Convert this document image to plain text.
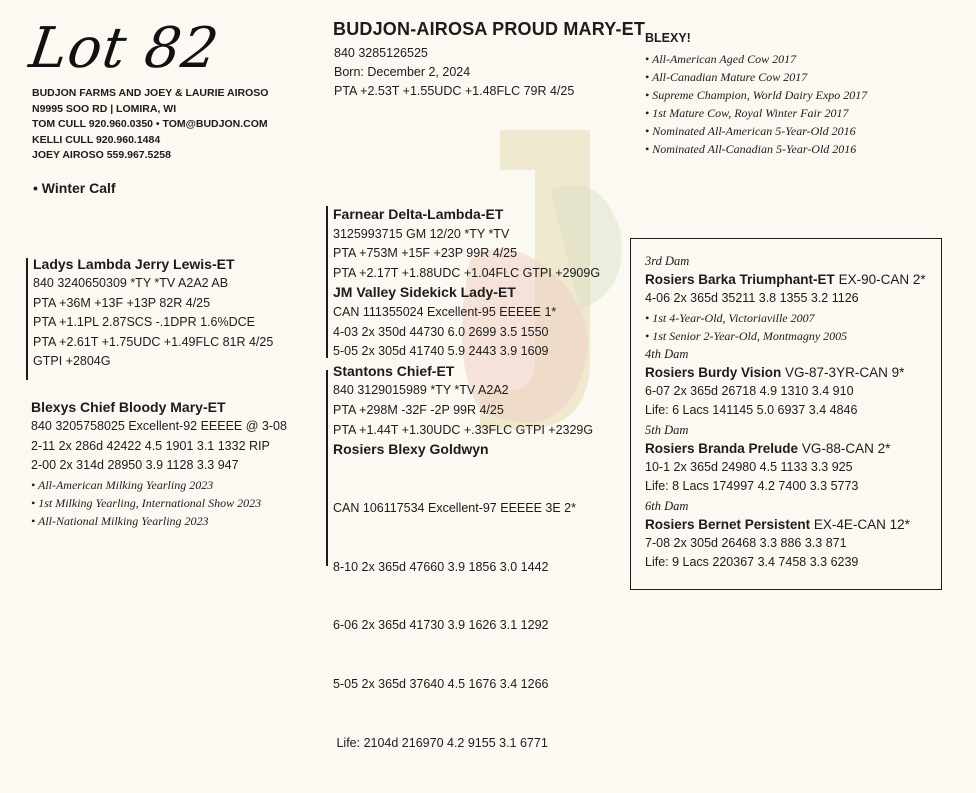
Lot 82
BUDJON FARMS AND JOEY & LAURIE AIROSO
N9995 SOO RD | LOMIRA, WI
TOM CULL 920.960.0350 • TOM@BUDJON.COM
KELLI CULL 920.960.1484
JOEY AIROSO 559.967.5258
• Winter Calf
BUDJON-AIROSA PROUD MARY-ET
840 3285126525
Born: December 2, 2024
PTA +2.53T +1.55UDC +1.48FLC 79R 4/25
BLEXY!
• All-American Aged Cow 2017
• All-Canadian Mature Cow 2017
• Supreme Champion, World Dairy Expo 2017
• 1st Mature Cow, Royal Winter Fair 2017
• Nominated All-American 5-Year-Old 2016
• Nominated All-Canadian 5-Year-Old 2016
Ladys Lambda Jerry Lewis-ET
840 3240650309 *TY *TV A2A2 AB
PTA +36M +13F +13P 82R 4/25
PTA +1.1PL 2.87SCS -.1DPR 1.6%DCE
PTA +2.61T +1.75UDC +1.49FLC 81R 4/25
GTPI +2804G
Blexys Chief Bloody Mary-ET
840 3205758025 Excellent-92 EEEEE @ 3-08
2-11 2x 286d 42422 4.5 1901 3.1 1332 RIP
2-00 2x 314d 28950 3.9 1128 3.3 947
• All-American Milking Yearling 2023
• 1st Milking Yearling, International Show 2023
• All-National Milking Yearling 2023
Farnear Delta-Lambda-ET
3125993715 GM 12/20 *TY *TV
PTA +753M +15F +23P 99R 4/25
PTA +2.17T +1.88UDC +1.04FLC GTPI +2909G
JM Valley Sidekick Lady-ET
CAN 111355024 Excellent-95 EEEEE 1*
4-03 2x 350d 44730 6.0 2699 3.5 1550
5-05 2x 305d 41740 5.9 2443 3.9 1609
Stantons Chief-ET
840 3129015989 *TY *TV A2A2
PTA +298M -32F -2P 99R 4/25
PTA +1.44T +1.30UDC +.33FLC GTPI +2329G
Rosiers Blexy Goldwyn

CAN 106117534 Excellent-97 EEEEE 3E 2*

8-10 2x 365d 47660 3.9 1856 3.0 1442

6-06 2x 365d 41730 3.9 1626 3.1 1292

5-05 2x 365d 37640 4.5 1676 3.4 1266

Life: 2104d 216970 4.2 9155 3.1 6771

3rd Dam
Rosiers Barka Triumphant-ET EX-90-CAN 2*
4-06 2x 365d 35211 3.8 1355 3.2 1126
• 1st 4-Year-Old, Victoriaville 2007
• 1st Senior 2-Year-Old, Montmagny 2005
4th Dam
Rosiers Burdy Vision VG-87-3YR-CAN 9*
6-07 2x 365d 26718 4.9 1310 3.4 910
Life: 6 Lacs 141145 5.0 6937 3.4 4846
5th Dam
Rosiers Branda Prelude VG-88-CAN 2*
10-1 2x 365d 24980 4.5 1133 3.3 925
Life: 8 Lacs 174997 4.2 7400 3.3 5773
6th Dam
Rosiers Bernet Persistent EX-4E-CAN 12*
7-08 2x 305d 26468 3.3 886 3.3 871
Life: 9 Lacs 220367 3.4 7458 3.3 6239
